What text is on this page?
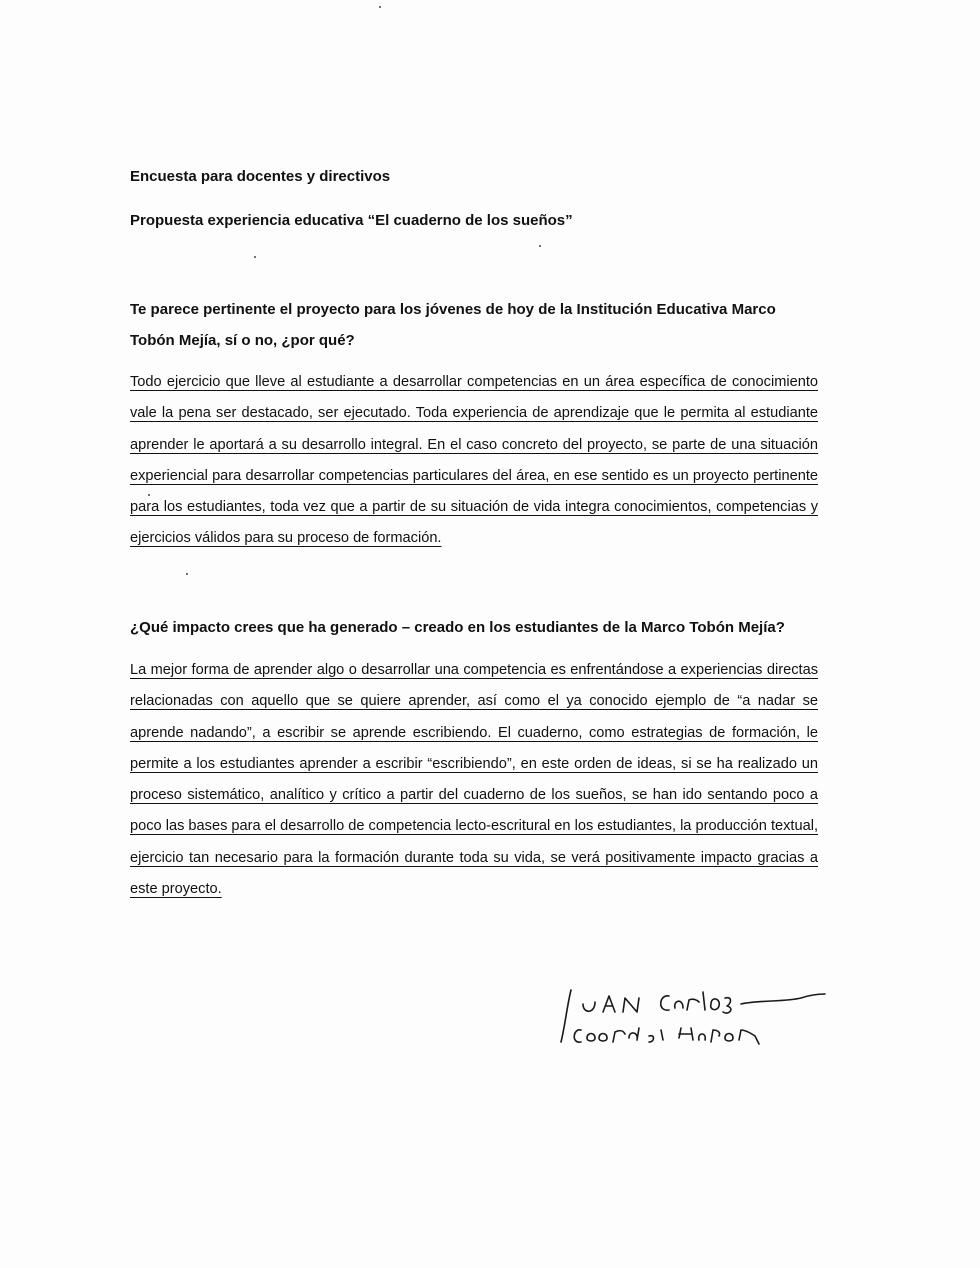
Encuesta para docentes y directivos
Propuesta experiencia educativa “El cuaderno de los sueños”
Te parece pertinente el proyecto para los jóvenes de hoy de la Institución Educativa Marco Tobón Mejía, sí o no, ¿por qué?
Todo ejercicio que lleve al estudiante a desarrollar competencias en un área específica de conocimiento vale la pena ser destacado, ser ejecutado. Toda experiencia de aprendizaje que le permita al estudiante aprender le aportará a su desarrollo integral. En el caso concreto del proyecto, se parte de una situación experiencial para desarrollar competencias particulares del área, en ese sentido es un proyecto pertinente para los estudiantes, toda vez que a partir de su situación de vida integra conocimientos, competencias y ejercicios válidos para su proceso de formación.
¿Qué impacto crees que ha generado – creado en los estudiantes de la Marco Tobón Mejía?
La mejor forma de aprender algo o desarrollar una competencia es enfrentándose a experiencias directas relacionadas con aquello que se quiere aprender, así como el ya conocido ejemplo de “a nadar se aprende nadando”, a escribir se aprende escribiendo. El cuaderno, como estrategias de formación, le permite a los estudiantes aprender a escribir “escribiendo”, en este orden de ideas, si se ha realizado un proceso sistemático, analítico y crítico a partir del cuaderno de los sueños, se han ido sentando poco a poco las bases para el desarrollo de competencia lecto-escritural en los estudiantes, la producción textual, ejercicio tan necesario para la formación durante toda su vida, se verá positivamente impacto gracias a este proyecto.
